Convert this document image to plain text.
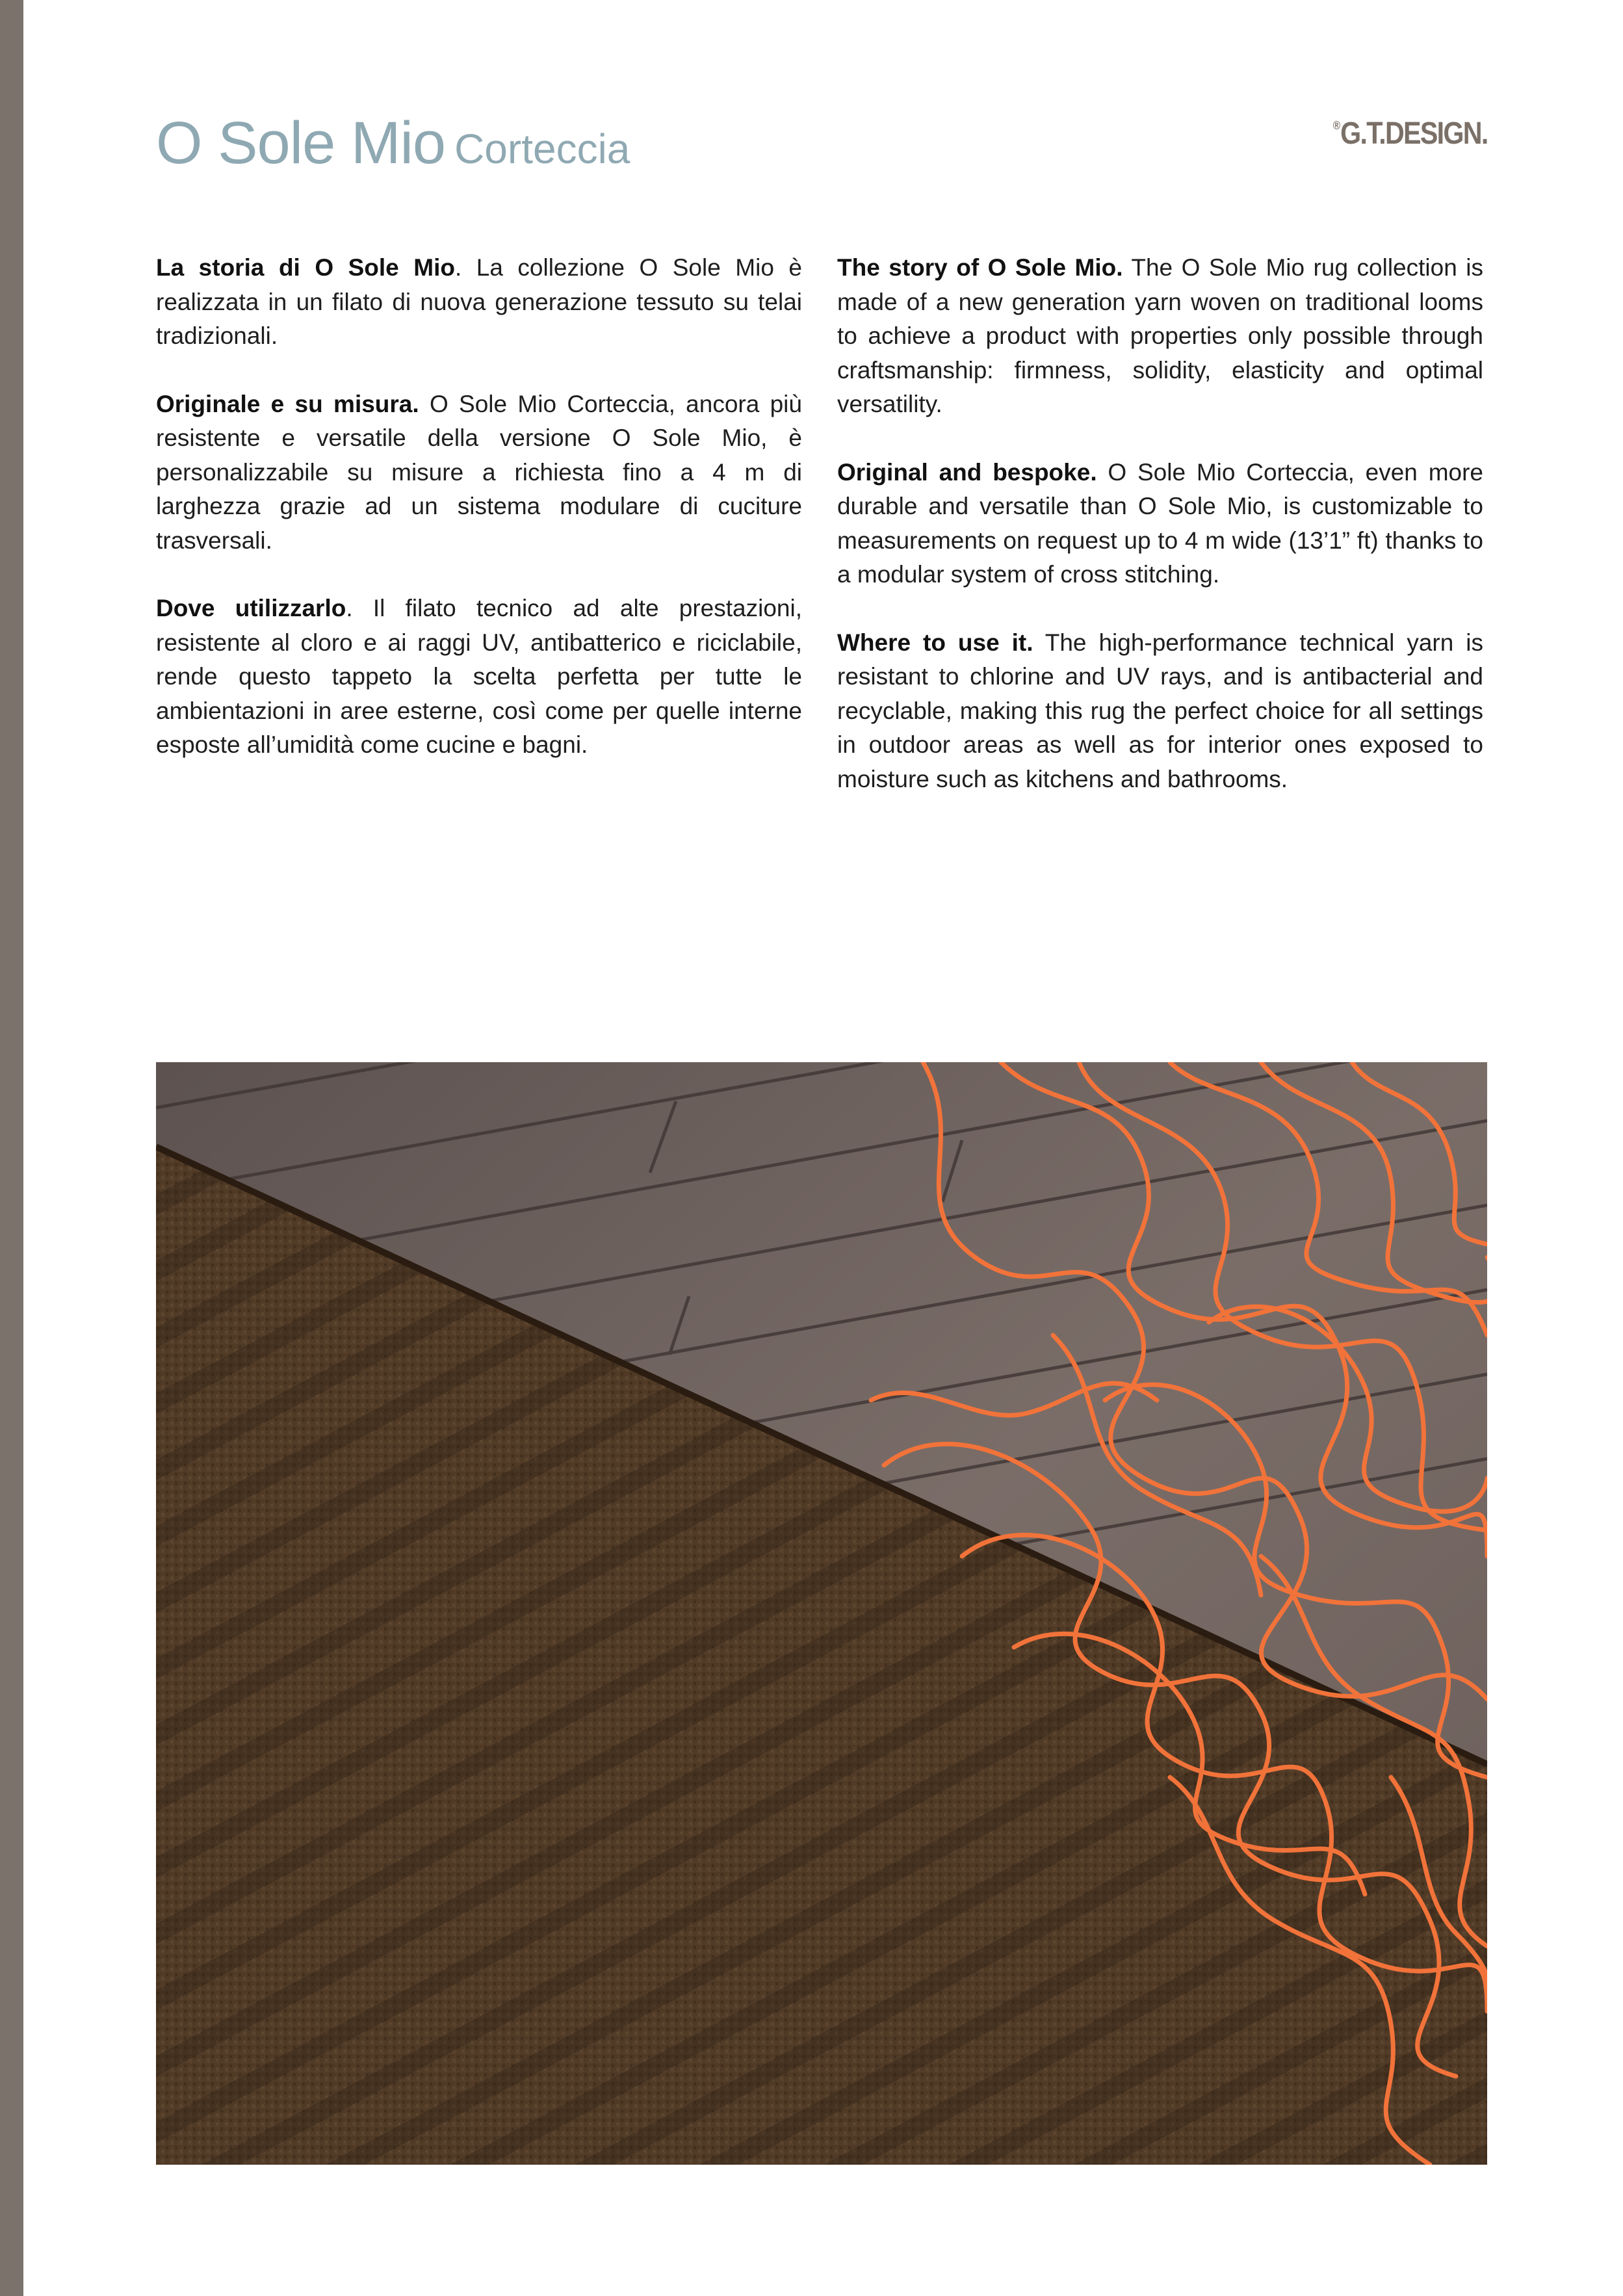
O Sole Mio Corteccia	®G.T.DESIGN.

La storia di O Sole Mio. La collezione O Sole Mio è realizzata in un filato di nuova generazione tessuto su telai tradizionali.

Originale e su misura. O Sole Mio Corteccia, ancora più resistente e versatile della versione O Sole Mio, è personalizzabile su misure a richiesta fino a 4 m di larghezza grazie ad un sistema modulare di cuciture trasversali.

Dove utilizzarlo. Il filato tecnico ad alte prestazioni, resistente al cloro e ai raggi UV, antibatterico e riciclabile, rende questo tappeto la scelta perfetta per tutte le ambientazioni in aree esterne, così come per quelle interne esposte all’umidità come cucine e bagni.

The story of O Sole Mio. The O Sole Mio rug collection is made of a new generation yarn woven on traditional looms to achieve a product with properties only possible through craftsmanship: firmness, solidity, elasticity and optimal versatility.

Original and bespoke. O Sole Mio Corteccia, even more durable and versatile than O Sole Mio, is customizable to measurements on request up to 4 m wide (13’1” ft) thanks to a modular system of cross stitching.

Where to use it. The high-performance technical yarn is resistant to chlorine and UV rays, and is antibacterial and recyclable, making this rug the perfect choice for all settings in outdoor areas as well as for interior ones exposed to moisture such as kitchens and bathrooms.
